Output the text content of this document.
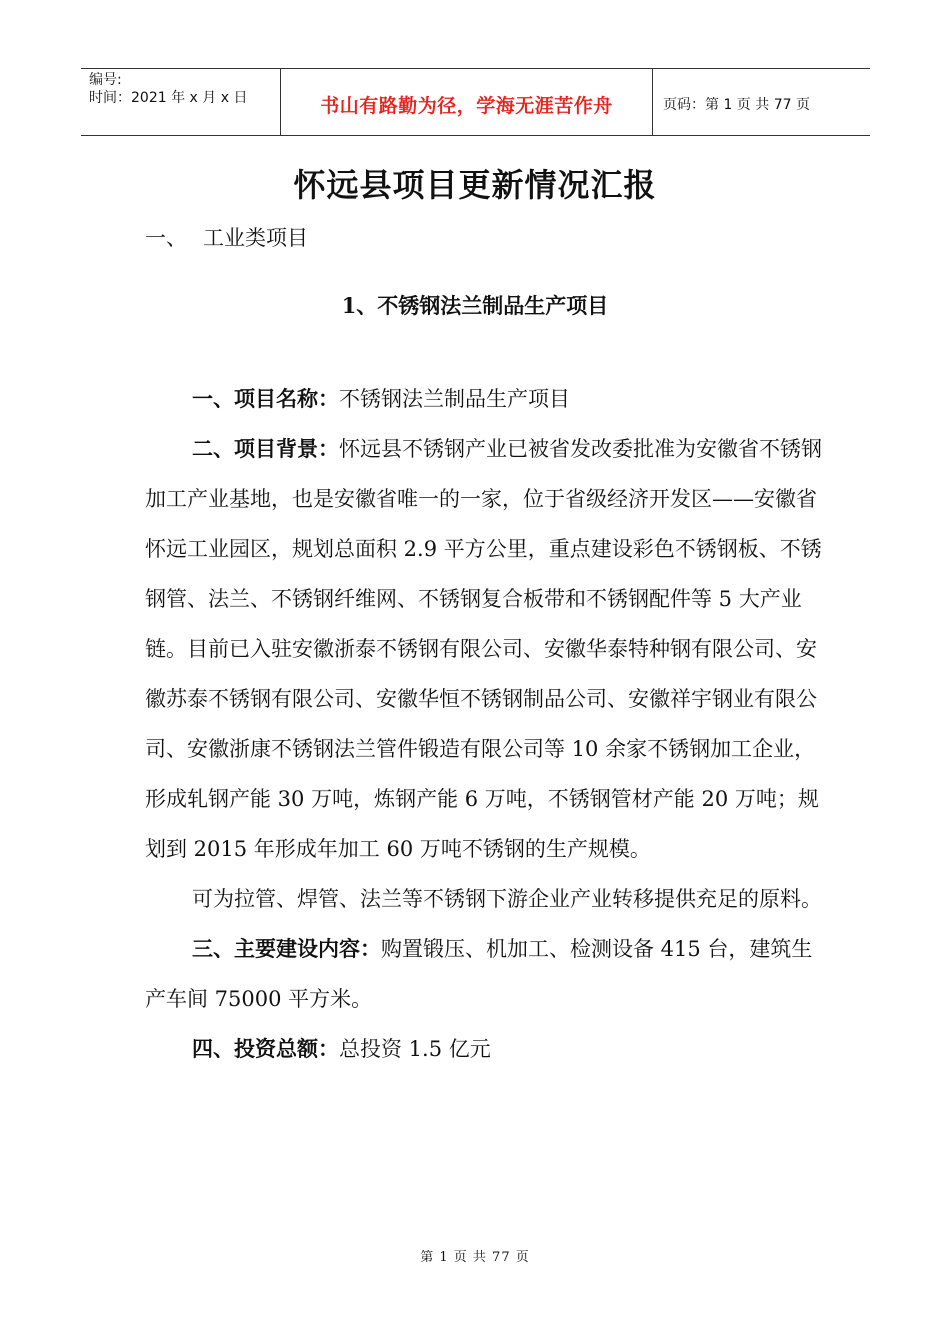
编号:
时间：2021 年 x 月 x 日	书山有路勤为径，学海无涯苦作舟	页码：第 1 页 共 77 页
怀远县项目更新情况汇报
一、 工业类项目
1、不锈钢法兰制品生产项目

一、项目名称：不锈钢法兰制品生产项目

二、项目背景：怀远县不锈钢产业已被省发改委批准为安徽省不锈钢加工产业基地，也是安徽省唯一的一家，位于省级经济开发区——安徽省怀远工业园区，规划总面积 2.9 平方公里，重点建设彩色不锈钢板、不锈钢管、法兰、不锈钢纤维网、不锈钢复合板带和不锈钢配件等 5 大产业链。目前已入驻安徽浙泰不锈钢有限公司、安徽华泰特种钢有限公司、安徽苏泰不锈钢有限公司、安徽华恒不锈钢制品公司、安徽祥宇钢业有限公司、安徽浙康不锈钢法兰管件锻造有限公司等 10 余家不锈钢加工企业，形成轧钢产能 30 万吨，炼钢产能 6 万吨，不锈钢管材产能 20 万吨；规划到 2015 年形成年加工 60 万吨不锈钢的生产规模。

可为拉管、焊管、法兰等不锈钢下游企业产业转移提供充足的原料。

三、主要建设内容：购置锻压、机加工、检测设备 415 台，建筑生产车间 75000 平方米。

四、投资总额：总投资 1.5 亿元

第 1 页 共 77 页
